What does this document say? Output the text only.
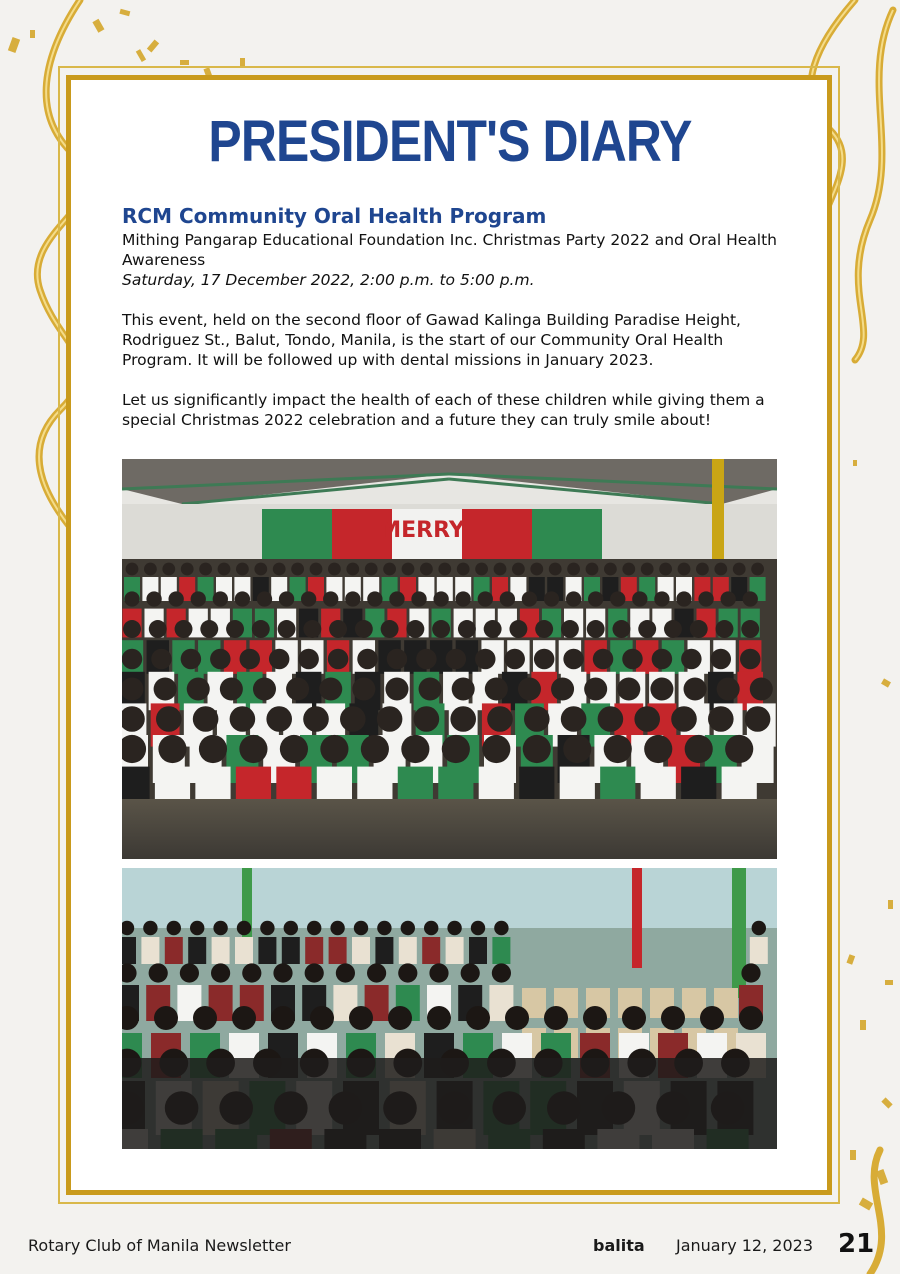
PRESIDENT'S DIARY

RCM Community Oral Health Program

Mithing Pangarap Educational Foundation Inc. Christmas Party 2022 and Oral Health Awareness

Saturday, 17 December 2022, 2:00 p.m. to 5:00 p.m.

This event, held on the second floor of Gawad Kalinga Building Paradise Height, Rodriguez St., Balut, Tondo, Manila, is the start of our Community Oral Health Program. It will be followed up with dental missions in January 2023.

Let us significantly impact the health of each of these children while giving them a special Christmas 2022 celebration and a future they can truly smile about!

MERRY
Rotary Club of Manila Newsletter	balita January 12, 2023 21
